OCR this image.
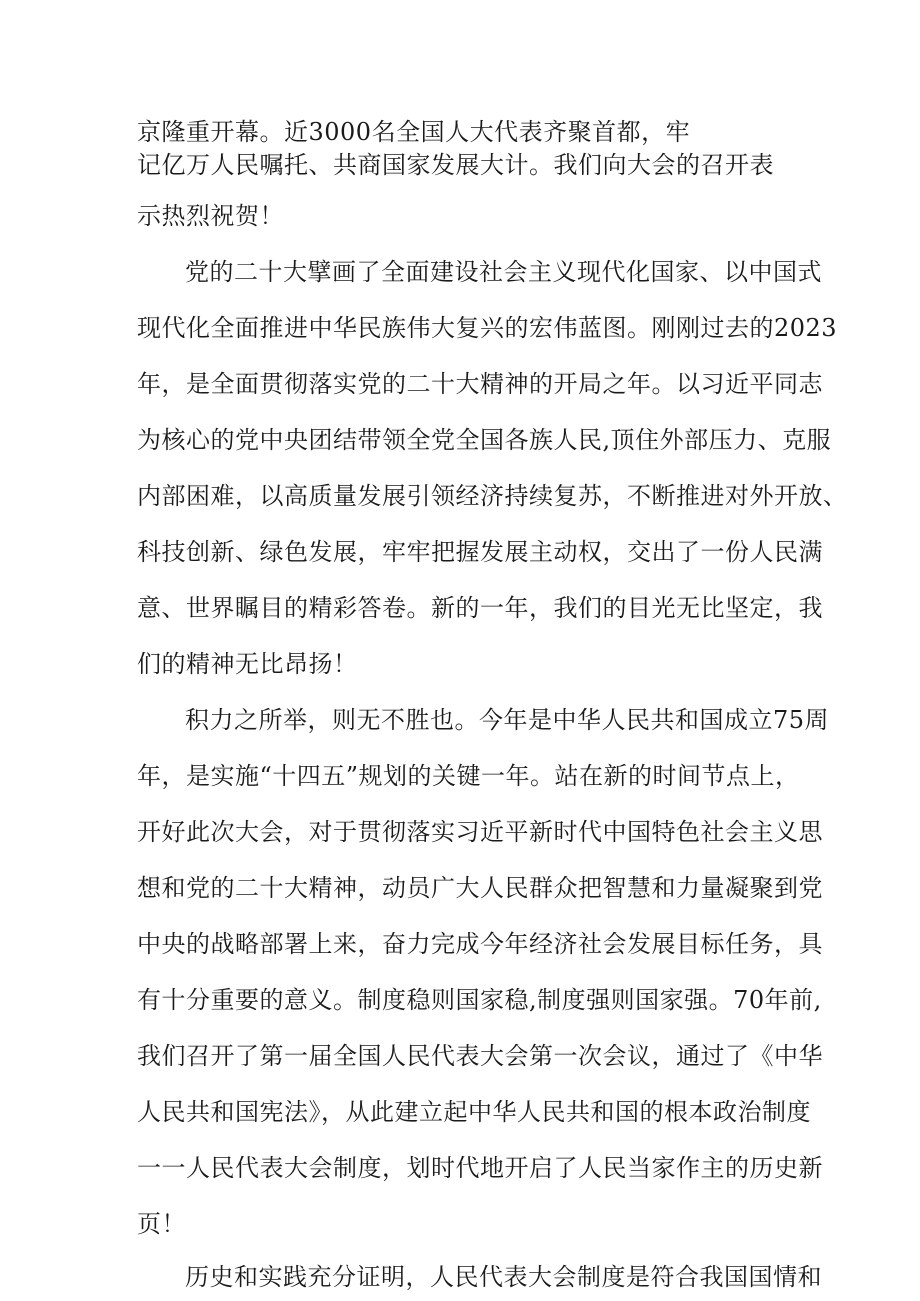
京隆重开幕。近3000名全国人大代表齐聚首都，牢
记亿万人民嘱托、共商国家发展大计。我们向大会的召开表
示热烈祝贺！
党的二十大擘画了全面建设社会主义现代化国家、以中国式
现代化全面推进中华民族伟大复兴的宏伟蓝图。刚刚过去的2023
年，是全面贯彻落实党的二十大精神的开局之年。以习近平同志
为核心的党中央团结带领全党全国各族人民,顶住外部压力、克服
内部困难，以高质量发展引领经济持续复苏，不断推进对外开放、
科技创新、绿色发展，牢牢把握发展主动权，交出了一份人民满
意、世界瞩目的精彩答卷。新的一年，我们的目光无比坚定，我
们的精神无比昂扬！
积力之所举，则无不胜也。今年是中华人民共和国成立75周
年，是实施“十四五”规划的关键一年。站在新的时间节点上，
开好此次大会，对于贯彻落实习近平新时代中国特色社会主义思
想和党的二十大精神，动员广大人民群众把智慧和力量凝聚到党
中央的战略部署上来，奋力完成今年经济社会发展目标任务，具
有十分重要的意义。制度稳则国家稳,制度强则国家强。70年前,
我们召开了第一届全国人民代表大会第一次会议，通过了《中华
人民共和国宪法》，从此建立起中华人民共和国的根本政治制度
一一人民代表大会制度，划时代地开启了人民当家作主的历史新
页！
历史和实践充分证明，人民代表大会制度是符合我国国情和
